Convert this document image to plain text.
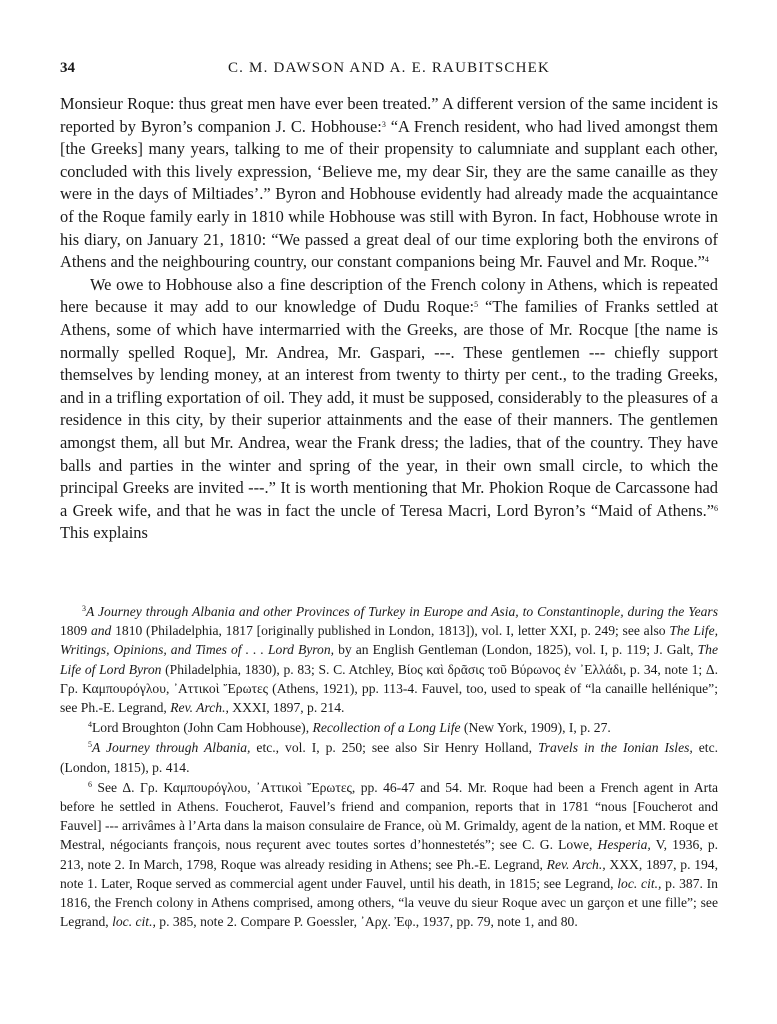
34	C. M. DAWSON AND A. E. RAUBITSCHEK

Monsieur Roque: thus great men have ever been treated.” A different version of the same incident is reported by Byron’s companion J. C. Hobhouse:$^3$ “A French resident, who had lived amongst them [the Greeks] many years, talking to me of their propensity to calumniate and supplant each other, concluded with this lively expression, ‘Believe me, my dear Sir, they are the same canaille as they were in the days of Miltiades’.” Byron and Hobhouse evidently had already made the acquaintance of the Roque family early in 1810 while Hobhouse was still with Byron. In fact, Hobhouse wrote in his diary, on January 21, 1810: “We passed a great deal of our time exploring both the environs of Athens and the neighbouring country, our constant companions being Mr. Fauvel and Mr. Roque.”$^4$

We owe to Hobhouse also a fine description of the French colony in Athens, which is repeated here because it may add to our knowledge of Dudu Roque:$^5$ “The families of Franks settled at Athens, some of which have intermarried with the Greeks, are those of Mr. Rocque [the name is normally spelled Roque], Mr. Andrea, Mr. Gaspari, ---. These gentlemen --- chiefly support themselves by lending money, at an interest from twenty to thirty per cent., to the trading Greeks, and in a trifling exportation of oil. They add, it must be supposed, considerably to the pleasures of a residence in this city, by their superior attainments and the ease of their manners. The gentlemen amongst them, all but Mr. Andrea, wear the Frank dress; the ladies, that of the country. They have balls and parties in the winter and spring of the year, in their own small circle, to which the principal Greeks are invited ---.” It is worth mentioning that Mr. Phokion Roque de Carcassone had a Greek wife, and that he was in fact the uncle of Teresa Macri, Lord Byron’s “Maid of Athens.”$^6$ This explains

$^3$A Journey through Albania and other Provinces of Turkey in Europe and Asia, to Constantinople, during the Years 1809 and 1810 (Philadelphia, 1817 [originally published in London, 1813]), vol. I, letter XXI, p. 249; see also The Life, Writings, Opinions, and Times of . . . Lord Byron, by an English Gentleman (London, 1825), vol. I, p. 119; J. Galt, The Life of Lord Byron (Philadelphia, 1830), p. 83; S. C. Atchley, Βίος καὶ δρᾶσις τοῦ Βύρωνος ἐν ᾿Ελλάδι, p. 34, note 1; Δ. Γρ. Καμπουρόγλου, ᾿Αττικοὶ Ἔρωτες (Athens, 1921), pp. 113-4. Fauvel, too, used to speak of “la canaille hellénique”; see Ph.-E. Legrand, Rev. Arch., XXXI, 1897, p. 214.

$^4$Lord Broughton (John Cam Hobhouse), Recollection of a Long Life (New York, 1909), I, p. 27.

$^5$A Journey through Albania, etc., vol. I, p. 250; see also Sir Henry Holland, Travels in the Ionian Isles, etc. (London, 1815), p. 414.

$^6$ See Δ. Γρ. Καμπουρόγλου, ᾿Αττικοὶ Ἔρωτες, pp. 46-47 and 54. Mr. Roque had been a French agent in Arta before he settled in Athens. Foucherot, Fauvel’s friend and companion, reports that in 1781 “nous [Foucherot and Fauvel] --- arrivâmes à l’Arta dans la maison consulaire de France, où M. Grimaldy, agent de la nation, et MM. Roque et Mestral, négociants françois, nous reçurent avec toutes sortes d’honnestetés”; see C. G. Lowe, Hesperia, V, 1936, p. 213, note 2. In March, 1798, Roque was already residing in Athens; see Ph.-E. Legrand, Rev. Arch., XXX, 1897, p. 194, note 1. Later, Roque served as commercial agent under Fauvel, until his death, in 1815; see Legrand, loc. cit., p. 387. In 1816, the French colony in Athens comprised, among others, “la veuve du sieur Roque avec un garçon et une fille”; see Legrand, loc. cit., p. 385, note 2. Compare P. Goessler, ᾿Αρχ. Ἐφ., 1937, pp. 79, note 1, and 80.
